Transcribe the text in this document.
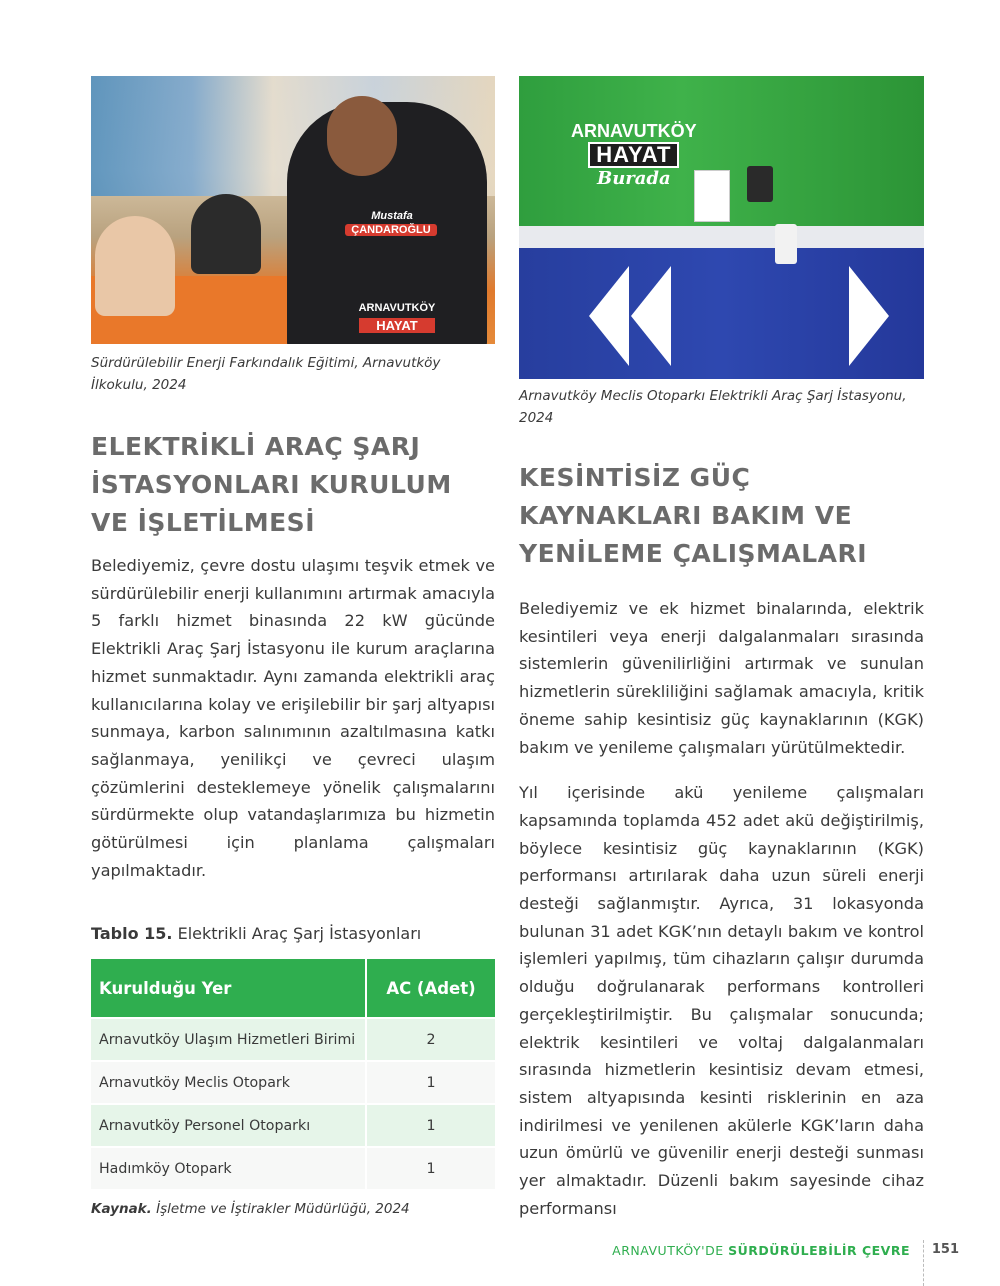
Mustafa
ÇANDAROĞLU
ARNAVUTKÖY
HAYAT
Sürdürülebilir Enerji Farkındalık Eğitimi, Arnavutköy İlkokulu, 2024
ELEKTRİKLİ ARAÇ ŞARJ İSTASYONLARI KURULUM VE İŞLETİLMESİ

Belediyemiz, çevre dostu ulaşımı teşvik etmek ve sürdürülebilir enerji kullanımını artırmak amacıyla 5 farklı hizmet binasında 22 kW gücünde Elektrikli Araç Şarj İstasyonu ile kurum araçlarına hizmet sunmaktadır. Aynı zamanda elektrikli araç kullanıcılarına kolay ve erişilebilir bir şarj altyapısı sunmaya, karbon salınımının azaltılmasına katkı sağlanmaya, yenilikçi ve çevreci ulaşım çözümlerini desteklemeye yönelik çalışmalarını sürdürmekte olup vatandaşlarımıza bu hizmetin götürülmesi için planlama çalışmaları yapılmaktadır.

Tablo 15. Elektrikli Araç Şarj İstasyonları

Kurulduğu Yer	AC (Adet)
Arnavutköy Ulaşım Hizmetleri Birimi	2
Arnavutköy Meclis Otopark	1
Arnavutköy Personel Otoparkı	1
Hadımköy Otopark	1

Kaynak. İşletme ve İştirakler Müdürlüğü, 2024

ARNAVUTKÖY
HAYAT
Burada
Arnavutköy Meclis Otoparkı Elektrikli Araç Şarj İstasyonu, 2024
KESİNTİSİZ GÜÇ KAYNAKLARI BAKIM VE YENİLEME ÇALIŞMALARI

Belediyemiz ve ek hizmet binalarında, elektrik kesintileri veya enerji dalgalanmaları sırasında sistemlerin güvenilirliğini artırmak ve sunulan hizmetlerin sürekliliğini sağlamak amacıyla, kritik öneme sahip kesintisiz güç kaynaklarının (KGK) bakım ve yenileme çalışmaları yürütülmektedir.

Yıl içerisinde akü yenileme çalışmaları kapsamında toplamda 452 adet akü değiştirilmiş, böylece kesintisiz güç kaynaklarının (KGK) performansı artırılarak daha uzun süreli enerji desteği sağlanmıştır. Ayrıca, 31 lokasyonda bulunan 31 adet KGK’nın detaylı bakım ve kontrol işlemleri yapılmış, tüm cihazların çalışır durumda olduğu doğrulanarak performans kontrolleri gerçekleştirilmiştir. Bu çalışmalar sonucunda; elektrik kesintileri ve voltaj dalgalanmaları sırasında hizmetlerin kesintisiz devam etmesi, sistem altyapısında kesinti risklerinin en aza indirilmesi ve yenilenen akülerle KGK’ların daha uzun ömürlü ve güvenilir enerji desteği sunması yer almaktadır. Düzenli bakım sayesinde cihaz performansı

ARNAVUTKÖY'DE SÜRDÜRÜLEBİLİR ÇEVRE 151
